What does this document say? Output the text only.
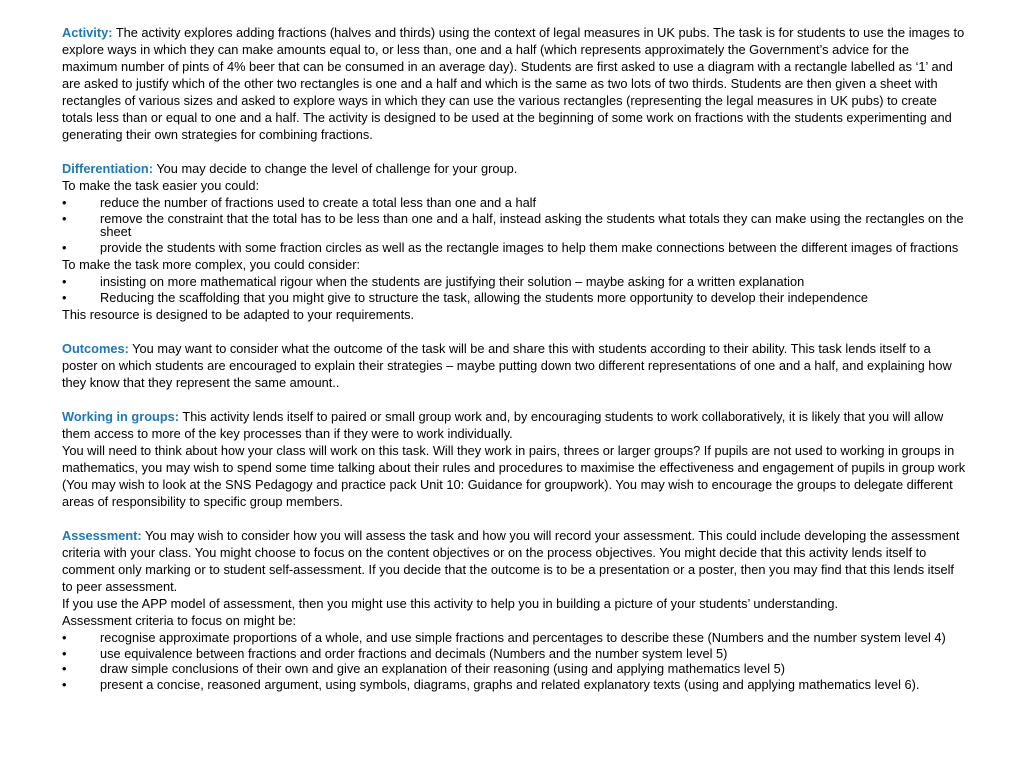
Activity: The activity explores adding fractions (halves and thirds) using the context of legal measures in UK pubs. The task is for students to use the images to explore ways in which they can make amounts equal to, or less than, one and a half (which represents approximately the Government’s advice for the maximum number of pints of 4% beer that can be consumed in an average day). Students are first asked to use a diagram with a rectangle labelled as ‘1’ and are asked to justify which of the other two rectangles is one and a half and which is the same as two lots of two thirds. Students are then given a sheet with rectangles of various sizes and asked to explore ways in which they can use the various rectangles (representing the legal measures in UK pubs) to create totals less than or equal to one and a half. The activity is designed to be used at the beginning of some work on fractions with the students experimenting and generating their own strategies for combining fractions.

Differentiation: You may decide to change the level of challenge for your group.

To make the task easier you could:

•	reduce the number of fractions used to create a total less than one and a half
•	remove the constraint that the total has to be less than one and a half, instead asking the students what totals they can make using the rectangles on the sheet
•	provide the students with some fraction circles as well as the rectangle images to help them make connections between the different images of fractions

To make the task more complex, you could consider:

•	insisting on more mathematical rigour when the students are justifying their solution – maybe asking for a written explanation
•	Reducing the scaffolding that you might give to structure the task, allowing the students more opportunity to develop their independence

This resource is designed to be adapted to your requirements.

Outcomes: You may want to consider what the outcome of the task will be and share this with students according to their ability. This task lends itself to a poster on which students are encouraged to explain their strategies – maybe putting down two different representations of one and a half, and explaining how they know that they represent the same amount..

Working in groups: This activity lends itself to paired or small group work and, by encouraging students to work collaboratively, it is likely that you will allow them access to more of the key processes than if they were to work individually.

You will need to think about how your class will work on this task. Will they work in pairs, threes or larger groups? If pupils are not used to working in groups in mathematics, you may wish to spend some time talking about their rules and procedures to maximise the effectiveness and engagement of pupils in group work (You may wish to look at the SNS Pedagogy and practice pack Unit 10: Guidance for groupwork). You may wish to encourage the groups to delegate different areas of responsibility to specific group members.

Assessment: You may wish to consider how you will assess the task and how you will record your assessment. This could include developing the assessment criteria with your class. You might choose to focus on the content objectives or on the process objectives. You might decide that this activity lends itself to comment only marking or to student self-assessment. If you decide that the outcome is to be a presentation or a poster, then you may find that this lends itself to peer assessment.

If you use the APP model of assessment, then you might use this activity to help you in building a picture of your students’ understanding.

Assessment criteria to focus on might be:

•	recognise approximate proportions of a whole, and use simple fractions and percentages to describe these (Numbers and the number system level 4)
•	use equivalence between fractions and order fractions and decimals (Numbers and the number system level 5)
•	draw simple conclusions of their own and give an explanation of their reasoning (using and applying mathematics level 5)
•	present a concise, reasoned argument, using symbols, diagrams, graphs and related explanatory texts (using and applying mathematics level 6).
